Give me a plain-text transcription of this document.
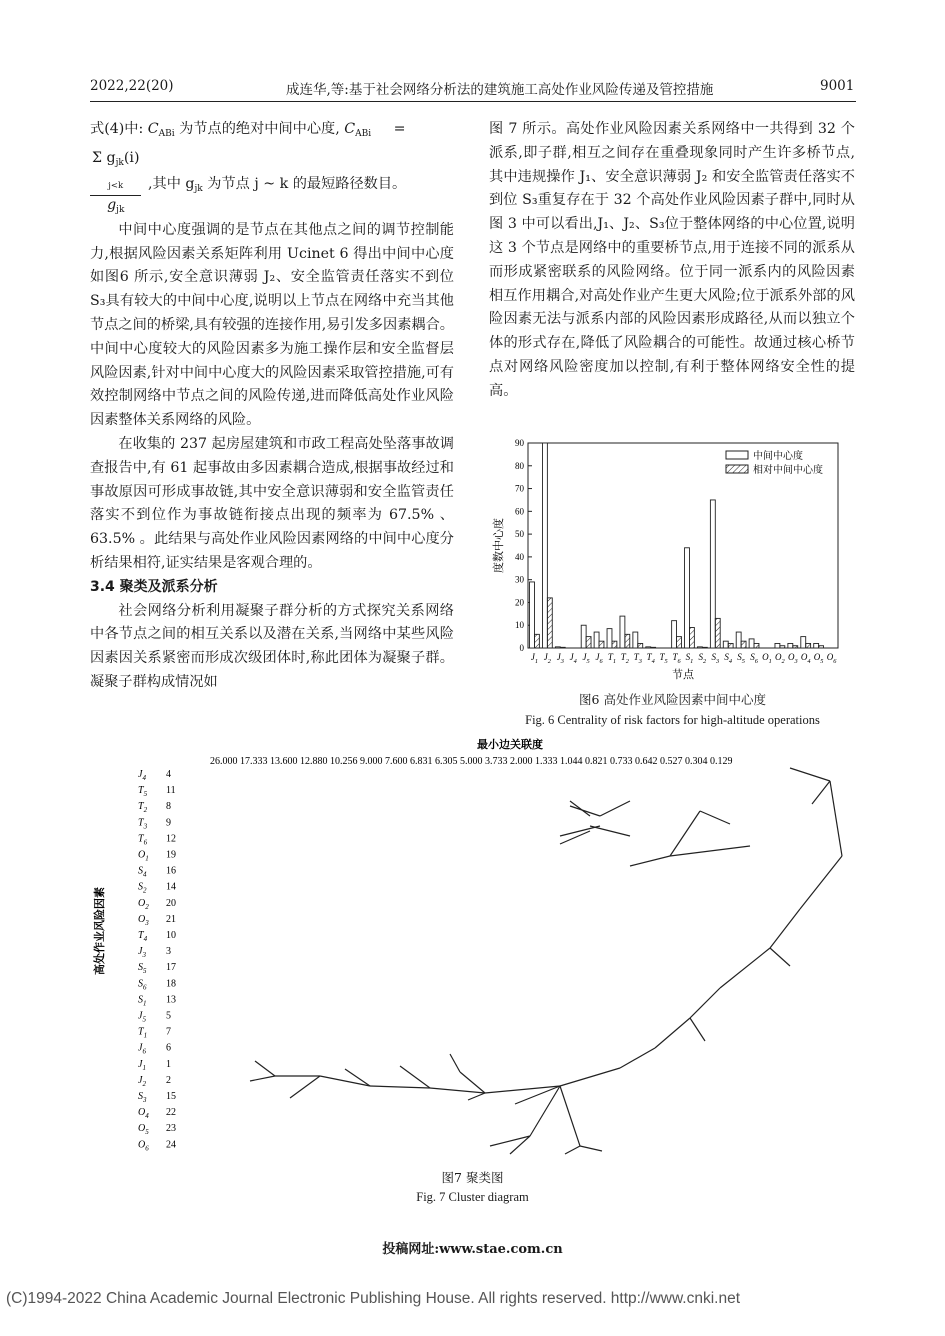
2022,22(20)	成连华,等:基于社会网络分析法的建筑施工高处作业风险传递及管控措施	9001

式(4)中: $C_{ABi}$ 为节点的绝对中间中心度, $C_{ABi}$ =

Σ $g_{jk}(i)$
$_{j<k}$
$g_{jk}$
,其中 $g_{jk}$ 为节点 j ~ k 的最短路径数目。

中间中心度强调的是节点在其他点之间的调节控制能力,根据风险因素关系矩阵利用 Ucinet 6 得出中间中心度如图6 所示,安全意识薄弱 J₂、安全监管责任落实不到位 S₃具有较大的中间中心度,说明以上节点在网络中充当其他节点之间的桥梁,具有较强的连接作用,易引发多因素耦合。中间中心度较大的风险因素多为施工操作层和安全监督层风险因素,针对中间中心度大的风险因素采取管控措施,可有效控制网络中节点之间的风险传递,进而降低高处作业风险因素整体关系网络的风险。

在收集的 237 起房屋建筑和市政工程高处坠落事故调查报告中,有 61 起事故由多因素耦合造成,根据事故经过和事故原因可形成事故链,其中安全意识薄弱和安全监管责任落实不到位作为事故链衔接点出现的频率为 67.5% 、63.5% 。此结果与高处作业风险因素网络的中间中心度分析结果相符,证实结果是客观合理的。

3.4 聚类及派系分析

社会网络分析利用凝聚子群分析的方式探究关系网络中各节点之间的相互关系以及潜在关系,当网络中某些风险因素因关系紧密而形成次级团体时,称此团体为凝聚子群。凝聚子群构成情况如

图 7 所示。高处作业风险因素关系网络中一共得到 32 个派系,即子群,相互之间存在重叠现象同时产生许多桥节点,其中违规操作 J₁、安全意识薄弱 J₂ 和安全监管责任落实不到位 S₃重复存在于 32 个高处作业风险因素子群中,同时从图 3 中可以看出,J₁、J₂、S₃位于整体网络的中心位置,说明这 3 个节点是网络中的重要桥节点,用于连接不同的派系从而形成紧密联系的风险网络。位于同一派系内的风险因素相互作用耦合,对高处作业产生更大风险;位于派系外部的风险因素无法与派系内部的风险因素形成路径,从而以独立个体的形式存在,降低了风险耦合的可能性。故通过核心桥节点对网络风险密度加以控制,有利于整体网络安全性的提高。

0
10
20
30
40
50
60
70
80
90
度数中心度
$J_1$ $J_2$ $J_3$ $J_4$ $J_5$ $J_6$ $T_1$ $T_2$ $T_3$ $T_4$ $T_5$ $T_6$ $S_1$ $S_2$ $S_3$ $S_4$ $S_5$ $S_6$ $O_1$ $O_2$ $O_3$ $O_4$ $O_5$ $O_6$
节点
中间中心度
相对中间中心度
图6 高处作业风险因素中间中心度
Fig. 6 Centrality of risk factors for high-altitude operations
最小边关联度
26.000 17.333 13.600 12.880 10.256 9.000 7.600 6.831 6.305 5.000 3.733 2.000 1.333 1.044 0.821 0.733 0.642 0.527 0.304 0.129
高处作业风险因素
$J_4$ 4
$T_5$ 11
$T_2$ 8
$T_3$ 9
$T_6$ 12
$O_1$ 19
$S_4$ 16
$S_2$ 14
$O_2$ 20
$O_3$ 21
$T_4$ 10
$J_3$ 3
$S_5$ 17
$S_6$ 18
$S_1$ 13
$J_5$ 5
$T_1$ 7
$J_6$ 6
$J_1$ 1
$J_2$ 2
$S_3$ 15
$O_4$ 22
$O_5$ 23
$O_6$ 24
图7 聚类图
Fig. 7 Cluster diagram
投稿网址:www.stae.com.cn
(C)1994-2022 China Academic Journal Electronic Publishing House. All rights reserved. http://www.cnki.net
